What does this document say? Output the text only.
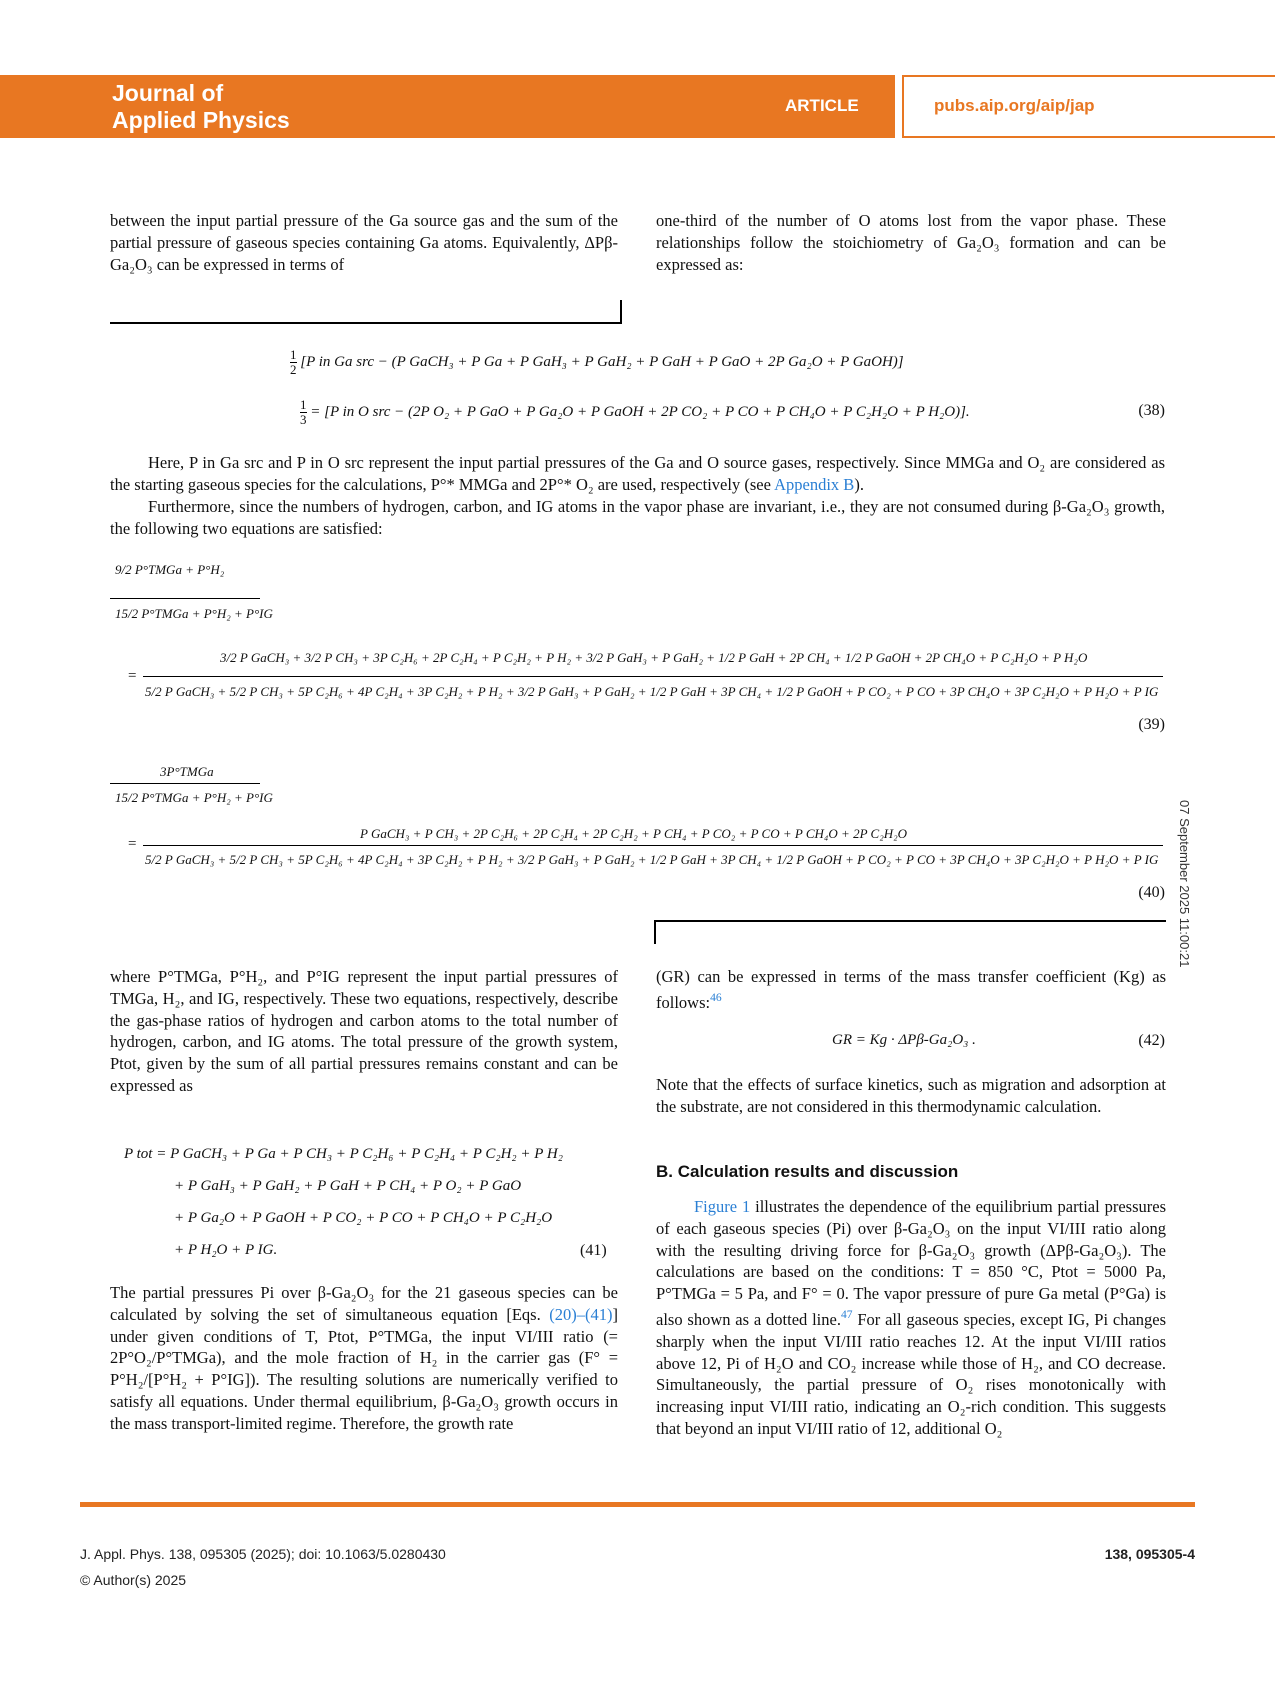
Journal of
Applied Physics
ARTICLE	pubs.aip.org/aip/jap
between the input partial pressure of the Ga source gas and the sum of the partial pressure of gaseous species containing Ga atoms. Equivalently, ΔPβ-Ga₂O₃ can be expressed in terms of
one-third of the number of O atoms lost from the vapor phase. These relationships follow the stoichiometry of Ga₂O₃ formation and can be expressed as:
$\frac{1}{2} [P$ in Ga src − (P GaCH₃ + P Ga + P GaH₃ + P GaH₂ + P GaH + P GaO + 2P Ga₂O + P GaOH)]
$\frac{1}{3} = [P$ in O src − (2P O₂ + P GaO + P Ga₂O + P GaOH + 2P CO₂ + P CO + P CH₄O + P C₂H₂O + P H₂O)].	(38)
Here, P in Ga src and P in O src represent the input partial pressures of the Ga and O source gases, respectively. Since MMGa and O₂ are considered as the starting gaseous species for the calculations, P°* MMGa and 2P°* O₂ are used, respectively (see Appendix B).
Furthermore, since the numbers of hydrogen, carbon, and IG atoms in the vapor phase are invariant, i.e., they are not consumed during β-Ga₂O₃ growth, the following two equations are satisfied:
9/2 P°TMGa + P°H₂
15/2 P°TMGa + P°H₂ + P°IG
3/2 P GaCH₃ + 3/2 P CH₃ + 3P C₂H₆ + 2P C₂H₄ + P C₂H₂ + P H₂ + 3/2 P GaH₃ + P GaH₂ + 1/2 P GaH + 2P CH₄ + 1/2 P GaOH + 2P CH₄O + P C₂H₂O + P H₂O
=
5/2 P GaCH₃ + 5/2 P CH₃ + 5P C₂H₆ + 4P C₂H₄ + 3P C₂H₂ + P H₂ + 3/2 P GaH₃ + P GaH₂ + 1/2 P GaH + 3P CH₄ + 1/2 P GaOH + P CO₂ + P CO + 3P CH₄O + 3P C₂H₂O + P H₂O + P IG
(39)
3P°TMGa
15/2 P°TMGa + P°H₂ + P°IG
P GaCH₃ + P CH₃ + 2P C₂H₆ + 2P C₂H₄ + 2P C₂H₂ + P CH₄ + P CO₂ + P CO + P CH₄O + 2P C₂H₂O
=
5/2 P GaCH₃ + 5/2 P CH₃ + 5P C₂H₆ + 4P C₂H₄ + 3P C₂H₂ + P H₂ + 3/2 P GaH₃ + P GaH₂ + 1/2 P GaH + 3P CH₄ + 1/2 P GaOH + P CO₂ + P CO + 3P CH₄O + 3P C₂H₂O + P H₂O + P IG
(40)
where P°TMGa, P°H₂, and P°IG represent the input partial pressures of TMGa, H₂, and IG, respectively. These two equations, respectively, describe the gas-phase ratios of hydrogen and carbon atoms to the total number of hydrogen, carbon, and IG atoms. The total pressure of the growth system, Ptot, given by the sum of all partial pressures remains constant and can be expressed as
P tot = P GaCH₃ + P Ga + P CH₃ + P C₂H₆ + P C₂H₄ + P C₂H₂ + P H₂
+ P GaH₃ + P GaH₂ + P GaH + P CH₄ + P O₂ + P GaO
+ P Ga₂O + P GaOH + P CO₂ + P CO + P CH₄O + P C₂H₂O
+ P H₂O + P IG.	(41)
The partial pressures Pi over β-Ga₂O₃ for the 21 gaseous species can be calculated by solving the set of simultaneous equation [Eqs. (20)–(41)] under given conditions of T, Ptot, P°TMGa, the input VI/III ratio (= 2P°O₂/P°TMGa), and the mole fraction of H₂ in the carrier gas (F° = P°H₂/[P°H₂ + P°IG]). The resulting solutions are numerically verified to satisfy all equations. Under thermal equilibrium, β-Ga₂O₃ growth occurs in the mass transport-limited regime. Therefore, the growth rate
(GR) can be expressed in terms of the mass transfer coefficient (Kg) as follows:$^{46}$
GR = Kg · ΔPβ-Ga₂O₃ .	(42)
Note that the effects of surface kinetics, such as migration and adsorption at the substrate, are not considered in this thermodynamic calculation.
B. Calculation results and discussion
Figure 1 illustrates the dependence of the equilibrium partial pressures of each gaseous species (Pi) over β-Ga₂O₃ on the input VI/III ratio along with the resulting driving force for β-Ga₂O₃ growth (ΔPβ-Ga₂O₃). The calculations are based on the conditions: T = 850 °C, Ptot = 5000 Pa, P°TMGa = 5 Pa, and F° = 0. The vapor pressure of pure Ga metal (P°Ga) is also shown as a dotted line.$^{47}$ For all gaseous species, except IG, Pi changes sharply when the input VI/III ratio reaches 12. At the input VI/III ratios above 12, Pi of H₂O and CO₂ increase while those of H₂, and CO decrease. Simultaneously, the partial pressure of O₂ rises monotonically with increasing input VI/III ratio, indicating an O₂-rich condition. This suggests that beyond an input VI/III ratio of 12, additional O₂
07 September 2025 11:00:21
J. Appl. Phys. 138, 095305 (2025); doi: 10.1063/5.0280430
© Author(s) 2025
138, 095305-4
